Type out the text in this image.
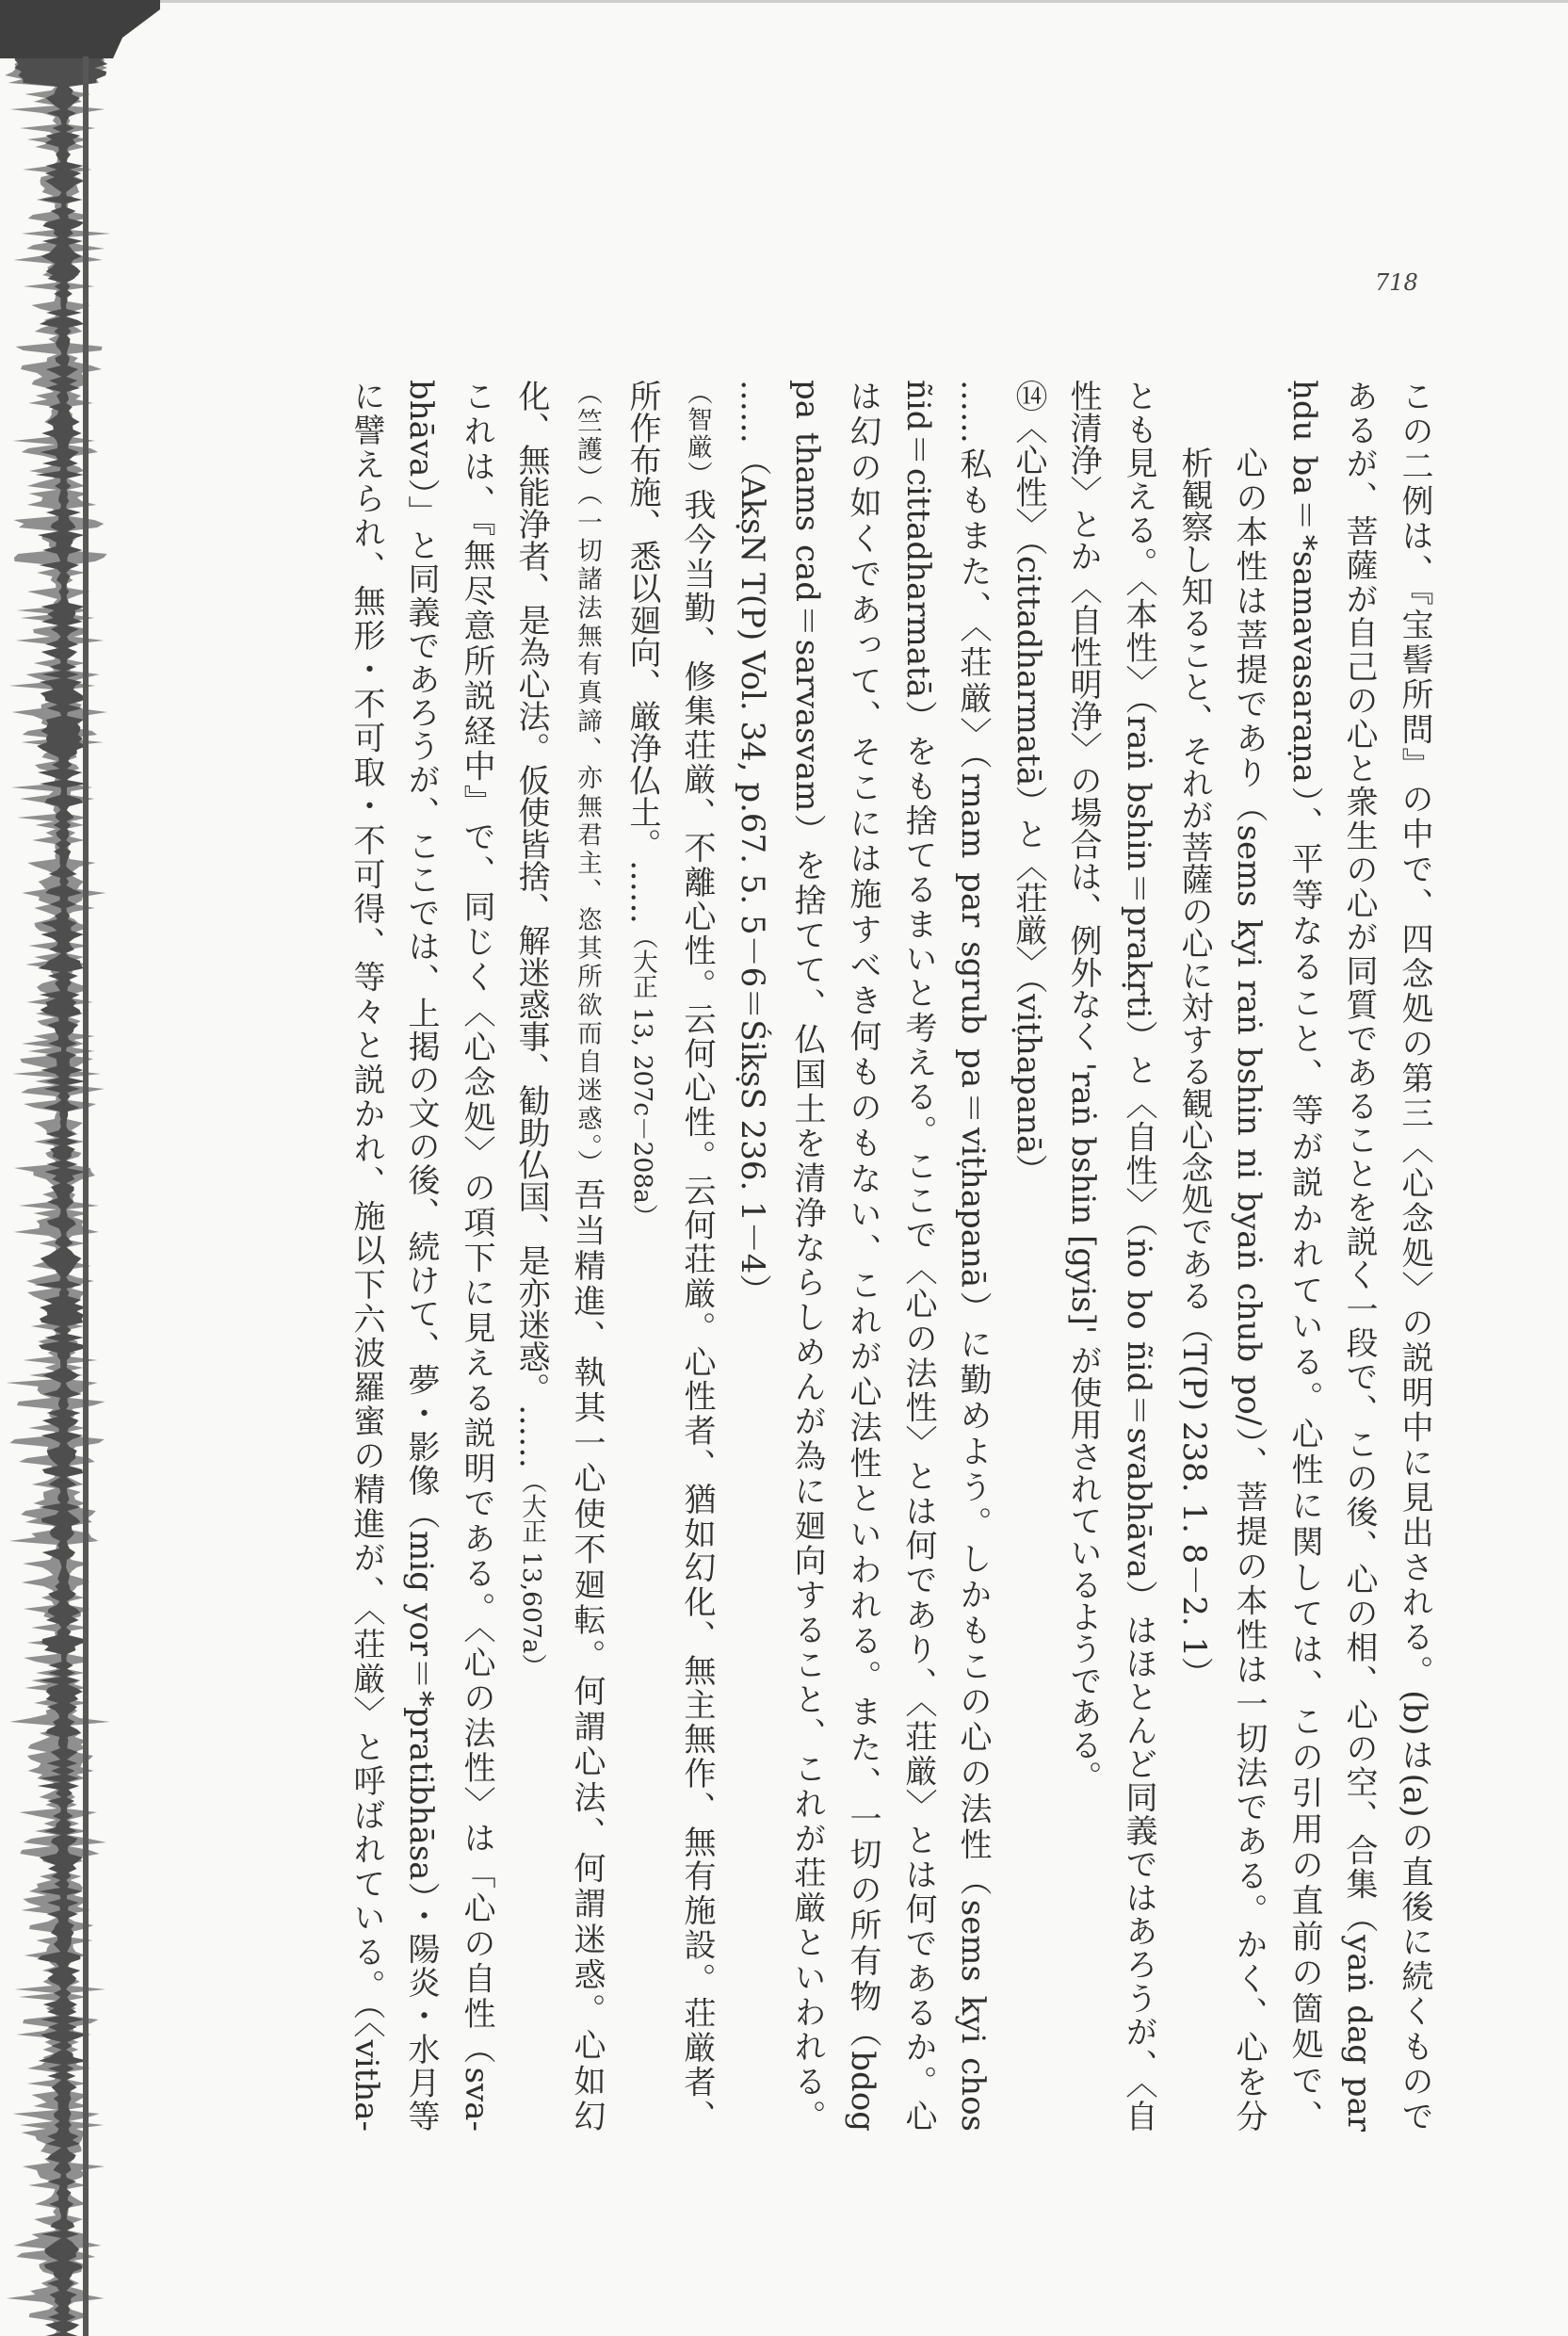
718
この二例は、『宝髻所問』の中で、四念処の第三〈心念処〉の説明中に見出される。(b)は(a)の直後に続くもので
あるが、菩薩が自己の心と衆生の心が同質であることを説く一段で、この後、心の相、心の空、合集（yaṅ dag par
ḥdu ba＝*samavasaraṇa）、平等なること、等が説かれている。心性に関しては、この引用の直前の箇処で、
心の本性は菩提であり（sems kyi raṅ bshin ni byaṅ chub po/）、菩提の本性は一切法である。かく、心を分
析観察し知ること、それが菩薩の心に対する観心念処である（T(P) 238. 1. 8－2. 1）
とも見える。〈本性〉（raṅ bshin＝prakṛti）と〈自性〉（ṅo bo ñid＝svabhāva）はほとんど同義ではあろうが、〈自
性清浄〉とか〈自性明浄〉の場合は、例外なく 'raṅ bshin [gyis]' が使用されているようである。
⑭〈心性〉（cittadharmatā）と〈荘厳〉（viṭhapanā）
……私もまた、〈荘厳〉（rnam par sgrub pa＝viṭhapanā）に勤めよう。しかもこの心の法性（sems kyi chos
ñid＝cittadharmatā）をも捨てるまいと考える。ここで〈心の法性〉とは何であり、〈荘厳〉とは何であるか。心
は幻の如くであって、そこには施すべき何ものもない、これが心法性といわれる。また、一切の所有物（bdog
pa thams cad＝sarvasvam）を捨てて、仏国土を清浄ならしめんが為に廻向すること、これが荘厳といわれる。
……（AkṣN T(P) Vol. 34, p.67. 5. 5－6＝ŚikṣS 236. 1－4）
（智厳）我今当勤、修集荘厳、不離心性。云何心性。云何荘厳。心性者、猶如幻化、無主無作、無有施設。荘厳者、
所作布施、悉以廻向、厳浄仏土。……（大正 13, 207c－208a）
（竺護）（一切諸法無有真諦、亦無君主、恣其所欲而自迷惑。）吾当精進、執其一心使不廻転。何謂心法、何謂迷惑。心如幻
化、無能浄者、是為心法。仮使皆捨、解迷惑事、勧助仏国、是亦迷惑。……（大正 13,607a）
これは、『無尽意所説経中』で、同じく〈心念処〉の項下に見える説明である。〈心の法性〉は「心の自性（sva-
bhāva）」と同義であろうが、ここでは、上掲の文の後、続けて、夢・影像（mig yor＝*pratibhāsa）・陽炎・水月等
に譬えられ、無形・不可取・不可得、等々と説かれ、施以下六波羅蜜の精進が、〈荘厳〉と呼ばれている。（〈vitha-
